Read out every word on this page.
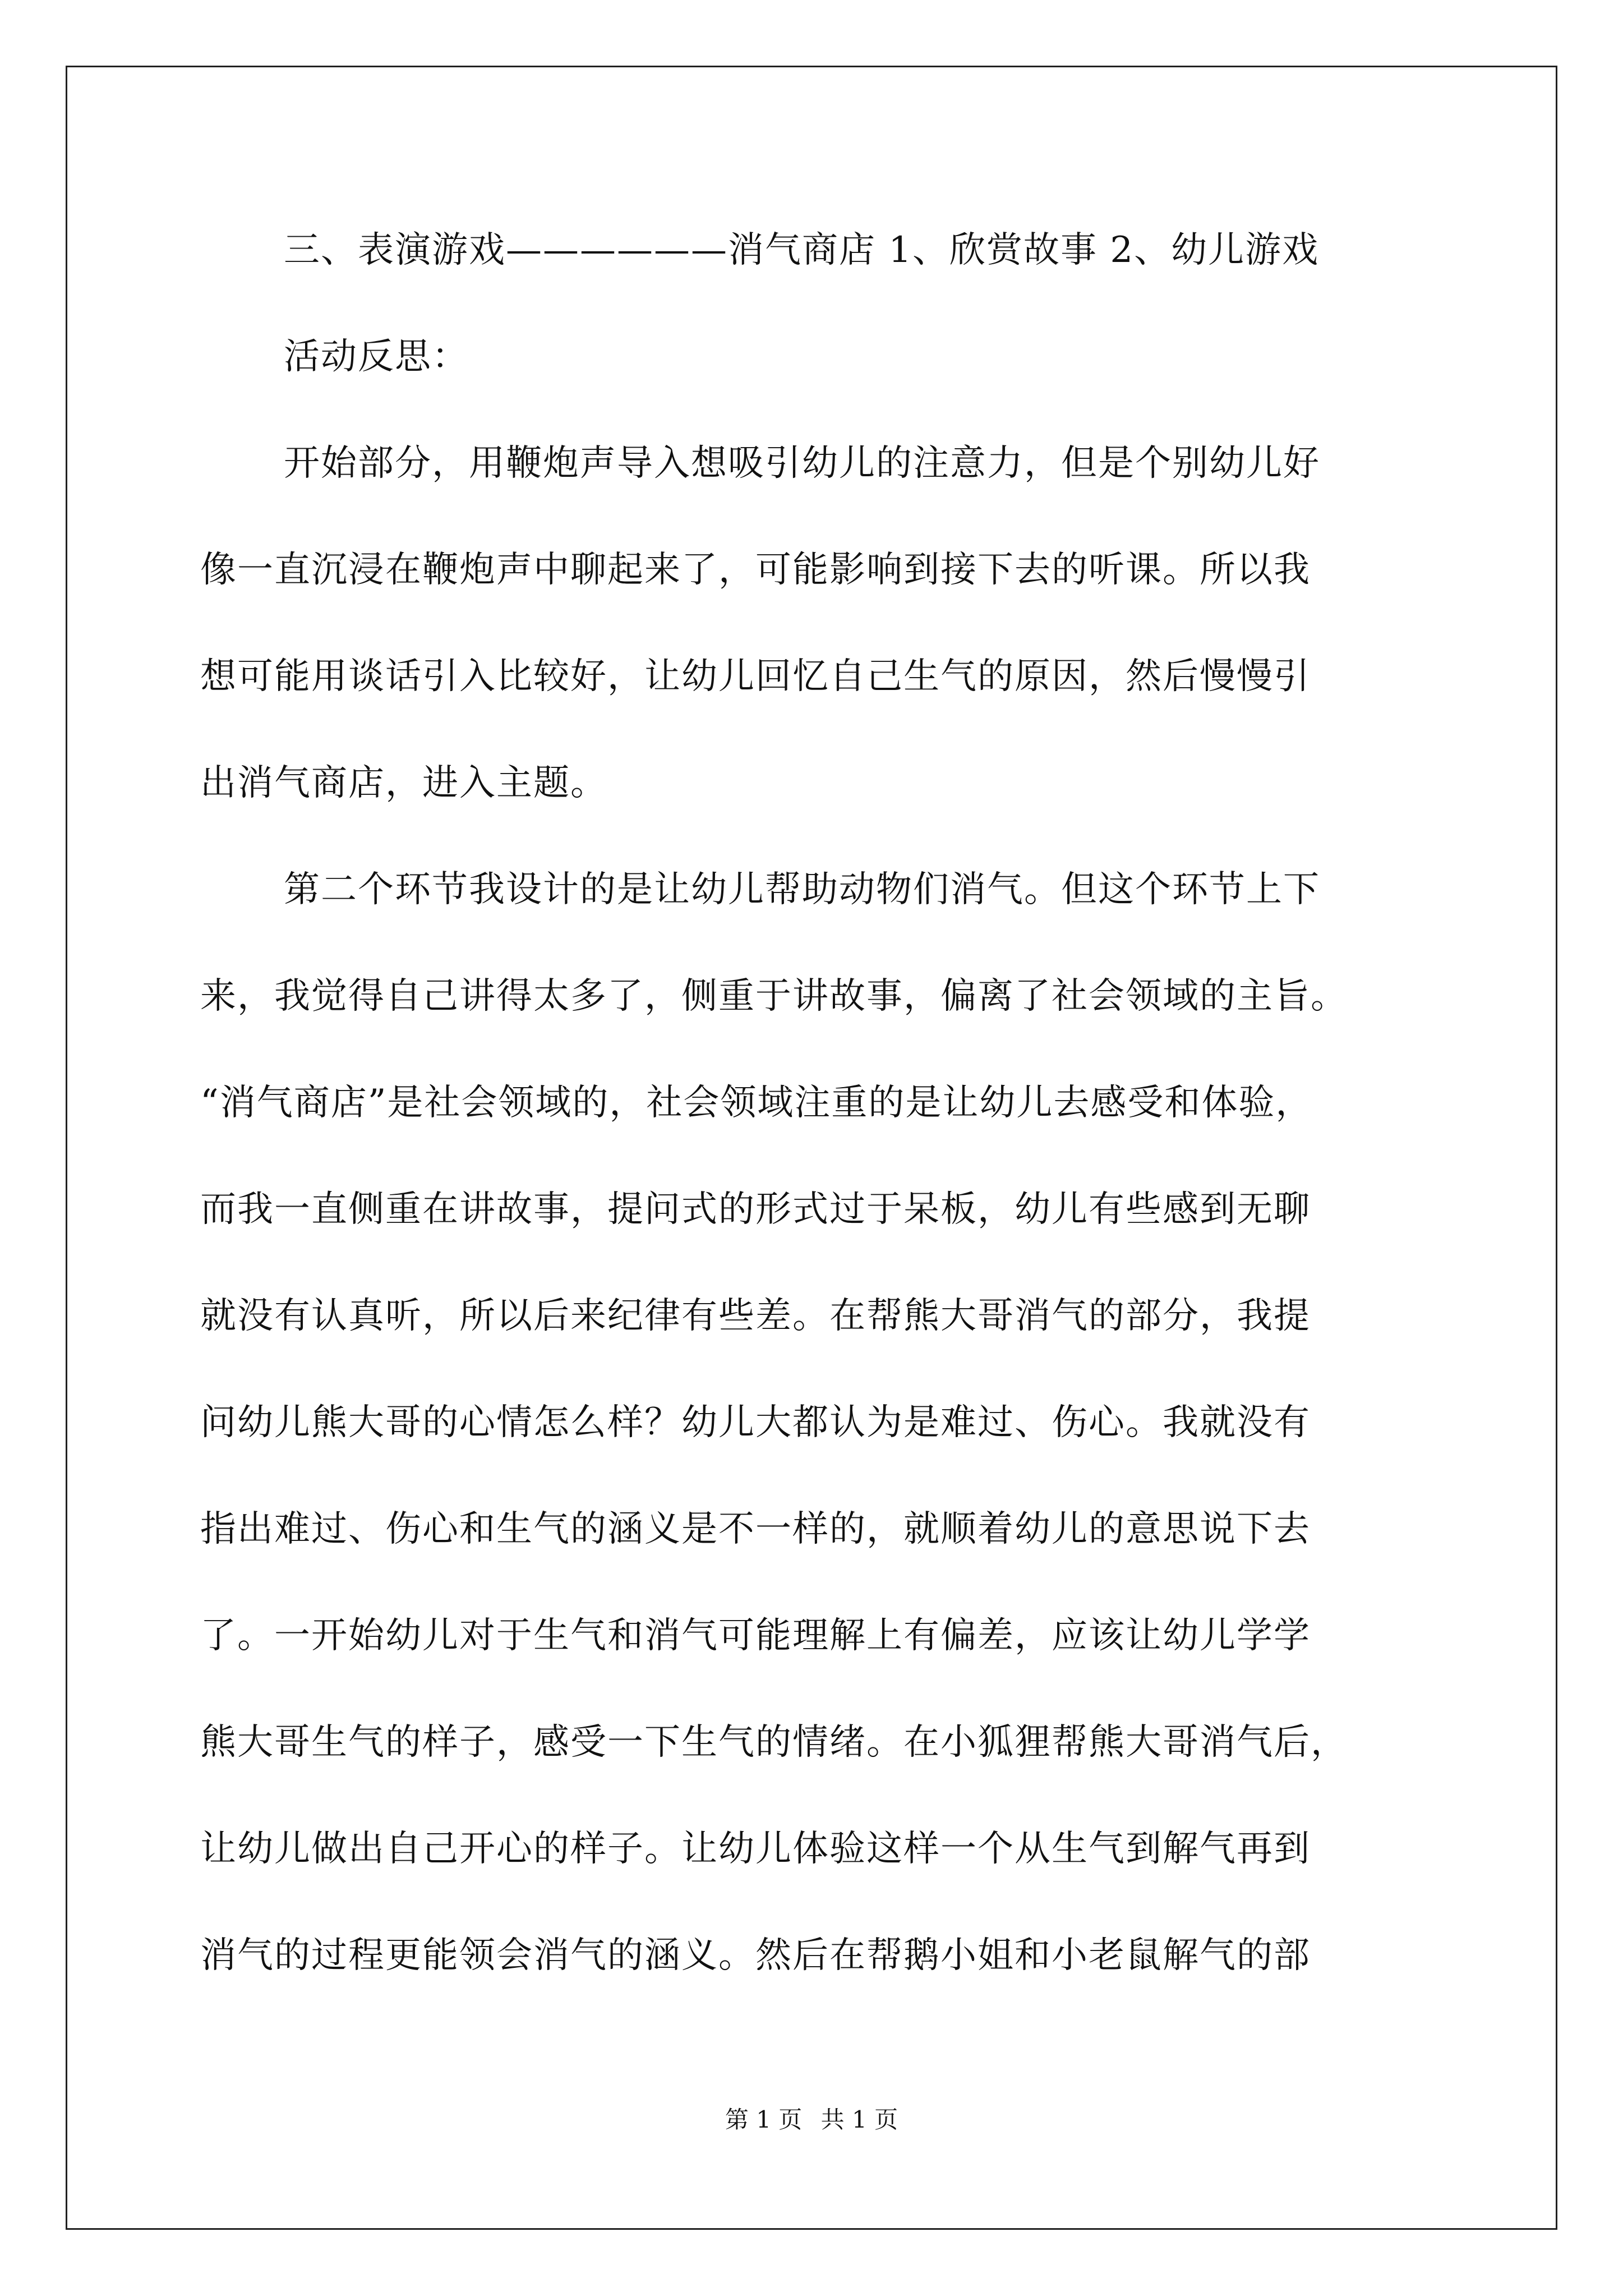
三、表演游戏——————消气商店 1、欣赏故事 2、幼儿游戏
活动反思：
开始部分，用鞭炮声导入想吸引幼儿的注意力，但是个别幼儿好
像一直沉浸在鞭炮声中聊起来了，可能影响到接下去的听课。所以我
想可能用谈话引入比较好，让幼儿回忆自己生气的原因，然后慢慢引
出消气商店，进入主题。
第二个环节我设计的是让幼儿帮助动物们消气。但这个环节上下
来，我觉得自己讲得太多了，侧重于讲故事，偏离了社会领域的主旨。
“消气商店”是社会领域的，社会领域注重的是让幼儿去感受和体验，
而我一直侧重在讲故事，提问式的形式过于呆板，幼儿有些感到无聊
就没有认真听，所以后来纪律有些差。在帮熊大哥消气的部分，我提
问幼儿熊大哥的心情怎么样？幼儿大都认为是难过、伤心。我就没有
指出难过、伤心和生气的涵义是不一样的，就顺着幼儿的意思说下去
了。一开始幼儿对于生气和消气可能理解上有偏差，应该让幼儿学学
熊大哥生气的样子，感受一下生气的情绪。在小狐狸帮熊大哥消气后，
让幼儿做出自己开心的样子。让幼儿体验这样一个从生气到解气再到
消气的过程更能领会消气的涵义。然后在帮鹅小姐和小老鼠解气的部
第 1 页 共 1 页
